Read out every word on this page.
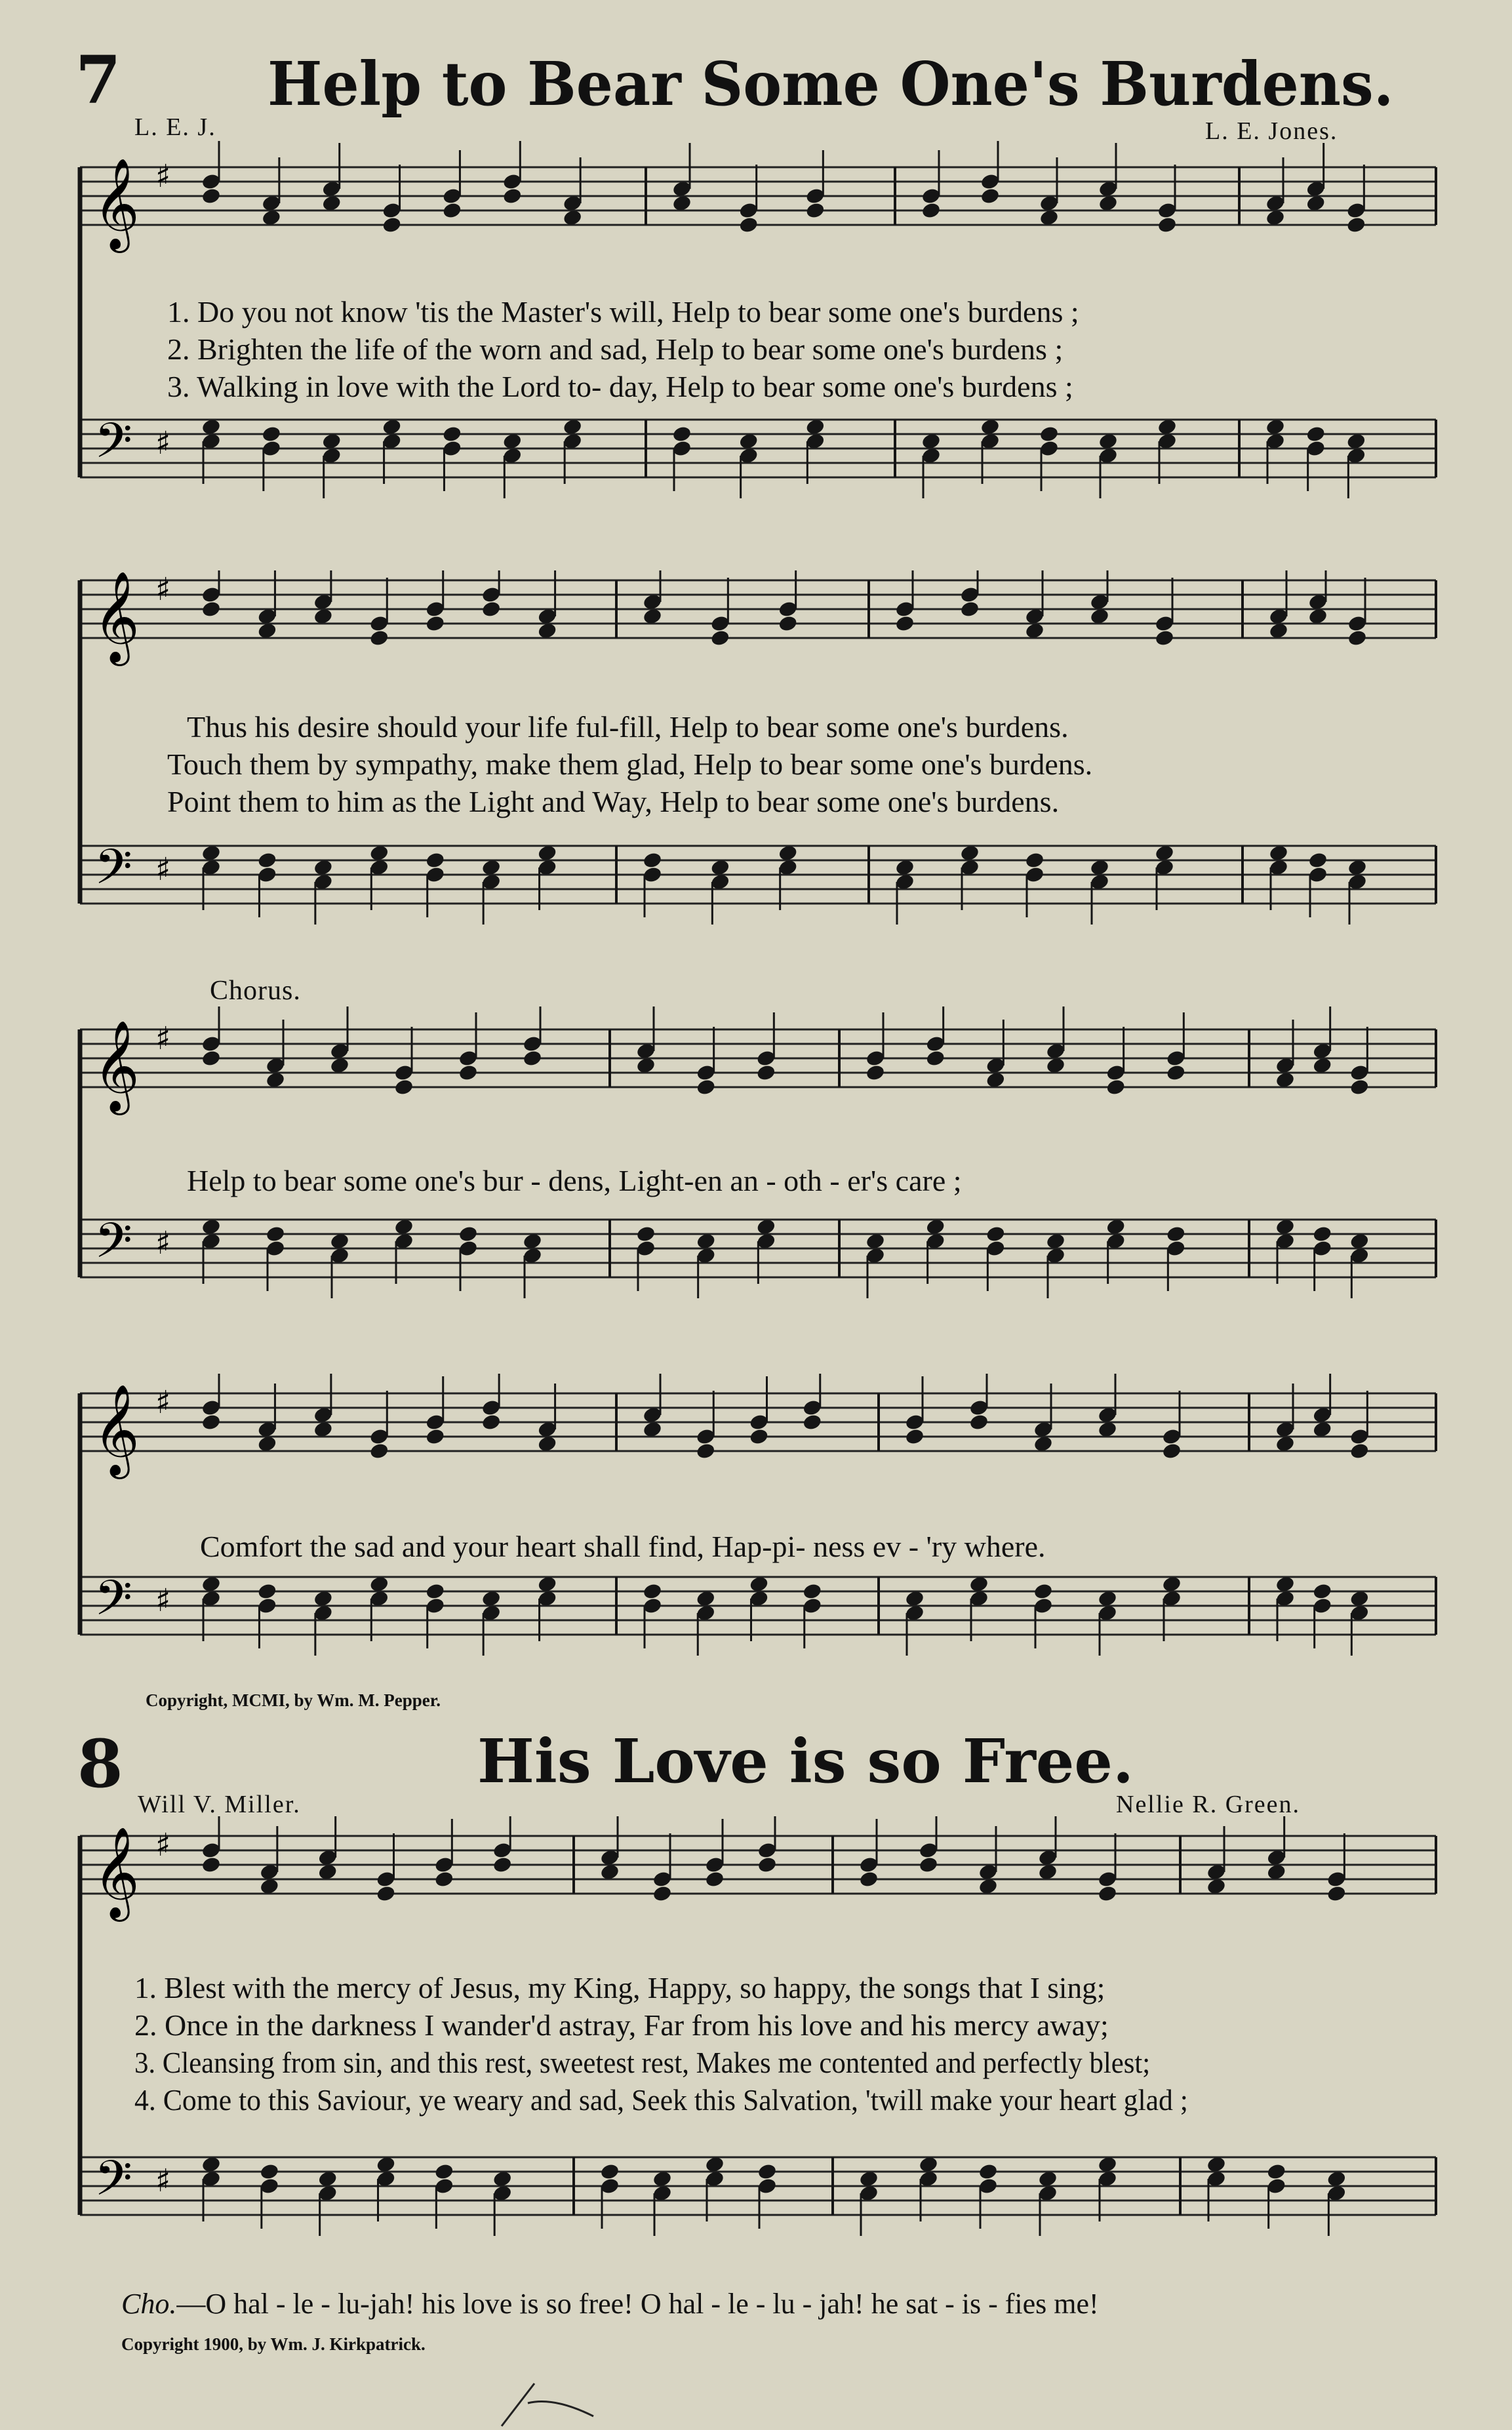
7 Help to Bear Some One's Burdens.
L. E. J.	L. E. Jones.
𝄞
𝄢
♯
♯
1. Do you not know 'tis the Master's will, Help to bear some one's burdens ;
2. Brighten the life of the worn and sad, Help to bear some one's burdens ;
3. Walking in love with the Lord to- day, Help to bear some one's burdens ;
𝄞
𝄢
♯
♯
Thus his desire should your life ful-fill, Help to bear some one's burdens.
Touch them by sympathy, make them glad, Help to bear some one's burdens.
Point them to him as the Light and Way, Help to bear some one's burdens.
Chorus.
𝄞
𝄢
♯
♯
Help to bear some one's bur - dens, Light-en an - oth - er's care ;
𝄞
𝄢
♯
♯
Comfort the sad and your heart shall find, Hap-pi- ness ev - 'ry where.
Copyright, MCMI, by Wm. M. Pepper.
8	His Love is so Free.
Will V. Miller.	Nellie R. Green.
𝄞
𝄢
♯
♯
1. Blest with the mercy of Jesus, my King, Happy, so happy, the songs that I sing;
2. Once in the darkness I wander'd astray, Far from his love and his mercy away;
3. Cleansing from sin, and this rest, sweetest rest, Makes me contented and perfectly blest;
4. Come to this Saviour, ye weary and sad, Seek this Salvation, 'twill make your heart glad ;
Cho.—O hal - le - lu-jah! his love is so free! O hal - le - lu - jah! he sat - is - fies me!
Copyright 1900, by Wm. J. Kirkpatrick.
